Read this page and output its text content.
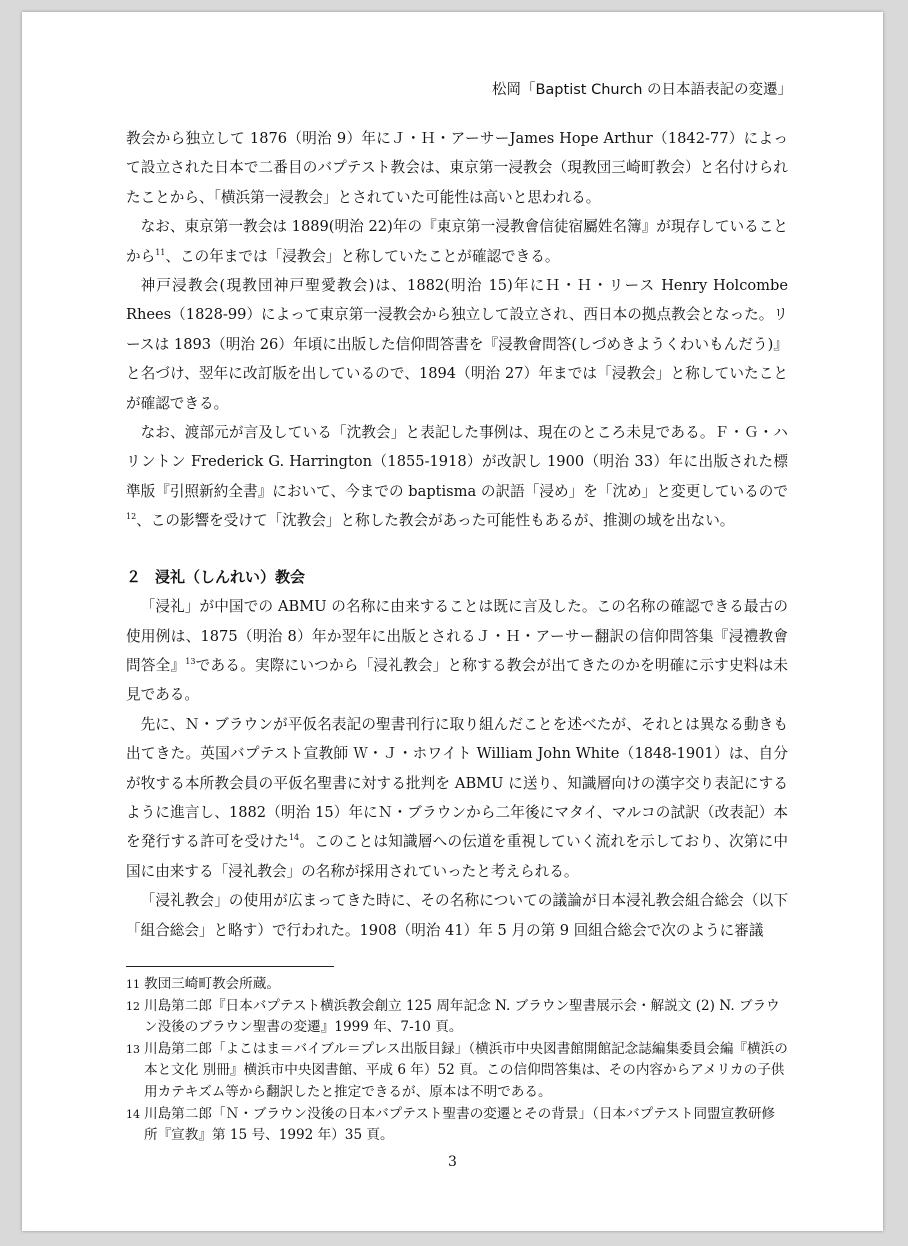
松岡「Baptist Church の日本語表記の変遷」

教会から独立して 1876（明治 9）年にＪ・Ｈ・アーサーJames Hope Arthur（1842-77）によって設立された日本で二番目のバプテスト教会は、東京第一浸教会（現教団三崎町教会）と名付けられたことから、「横浜第一浸教会」とされていた可能性は高いと思われる。

なお、東京第一教会は 1889(明治 22)年の『東京第一浸教會信徒宿屬姓名簿』が現存していることから$^{11}$、この年までは「浸教会」と称していたことが確認できる。

神戸浸教会(現教団神戸聖愛教会)は、1882(明治 15)年にＨ・Ｈ・リース Henry Holcombe Rhees（1828-99）によって東京第一浸教会から独立して設立され、西日本の拠点教会となった。リースは 1893（明治 26）年頃に出版した信仰問答書を『浸教會問答(しづめきようくわいもんだう)』と名づけ、翌年に改訂版を出しているので、1894（明治 27）年までは「浸教会」と称していたことが確認できる。

なお、渡部元が言及している「沈教会」と表記した事例は、現在のところ未見である。Ｆ・Ｇ・ハリントン Frederick G. Harrington（1855-1918）が改訳し 1900（明治 33）年に出版された標準版『引照新約全書』において、今までの baptisma の訳語「浸め」を「沈め」と変更しているので$^{12}$、この影響を受けて「沈教会」と称した教会があった可能性もあるが、推測の域を出ない。

２ 浸礼（しんれい）教会

「浸礼」が中国での ABMU の名称に由来することは既に言及した。この名称の確認できる最古の使用例は、1875（明治 8）年か翌年に出版とされるＪ・Ｈ・アーサー翻訳の信仰問答集『浸禮教會問答全』$^{13}$である。実際にいつから「浸礼教会」と称する教会が出てきたのかを明確に示す史料は未見である。

先に、Ｎ・ブラウンが平仮名表記の聖書刊行に取り組んだことを述べたが、それとは異なる動きも出てきた。英国バプテスト宣教師 Ｗ・Ｊ・ホワイト William John White（1848-1901）は、自分が牧する本所教会員の平仮名聖書に対する批判を ABMU に送り、知識層向けの漢字交り表記にするように進言し、1882（明治 15）年にＮ・ブラウンから二年後にマタイ、マルコの試訳（改表記）本を発行する許可を受けた$^{14}$。このことは知識層への伝道を重視していく流れを示しており、次第に中国に由来する「浸礼教会」の名称が採用されていったと考えられる。

「浸礼教会」の使用が広まってきた時に、その名称についての議論が日本浸礼教会組合総会（以下「組合総会」と略す）で行われた。1908（明治 41）年 5 月の第 9 回組合総会で次のように審議

11 教団三崎町教会所蔵。

12 川島第二郎『日本バプテスト横浜教会創立 125 周年記念 N. ブラウン聖書展示会・解説文 (2) N. ブラウン没後のブラウン聖書の変遷』1999 年、7-10 頁。

13 川島第二郎「よこはま＝バイブル＝プレス出版目録」（横浜市中央図書館開館記念誌編集委員会編『横浜の本と文化 別冊』横浜市中央図書館、平成 6 年）52 頁。この信仰問答集は、その内容からアメリカの子供用カテキズム等から翻訳したと推定できるが、原本は不明である。

14 川島第二郎「Ｎ・ブラウン没後の日本バプテスト聖書の変遷とその背景」（日本バプテスト同盟宣教研修所『宣教』第 15 号、1992 年）35 頁。

3
